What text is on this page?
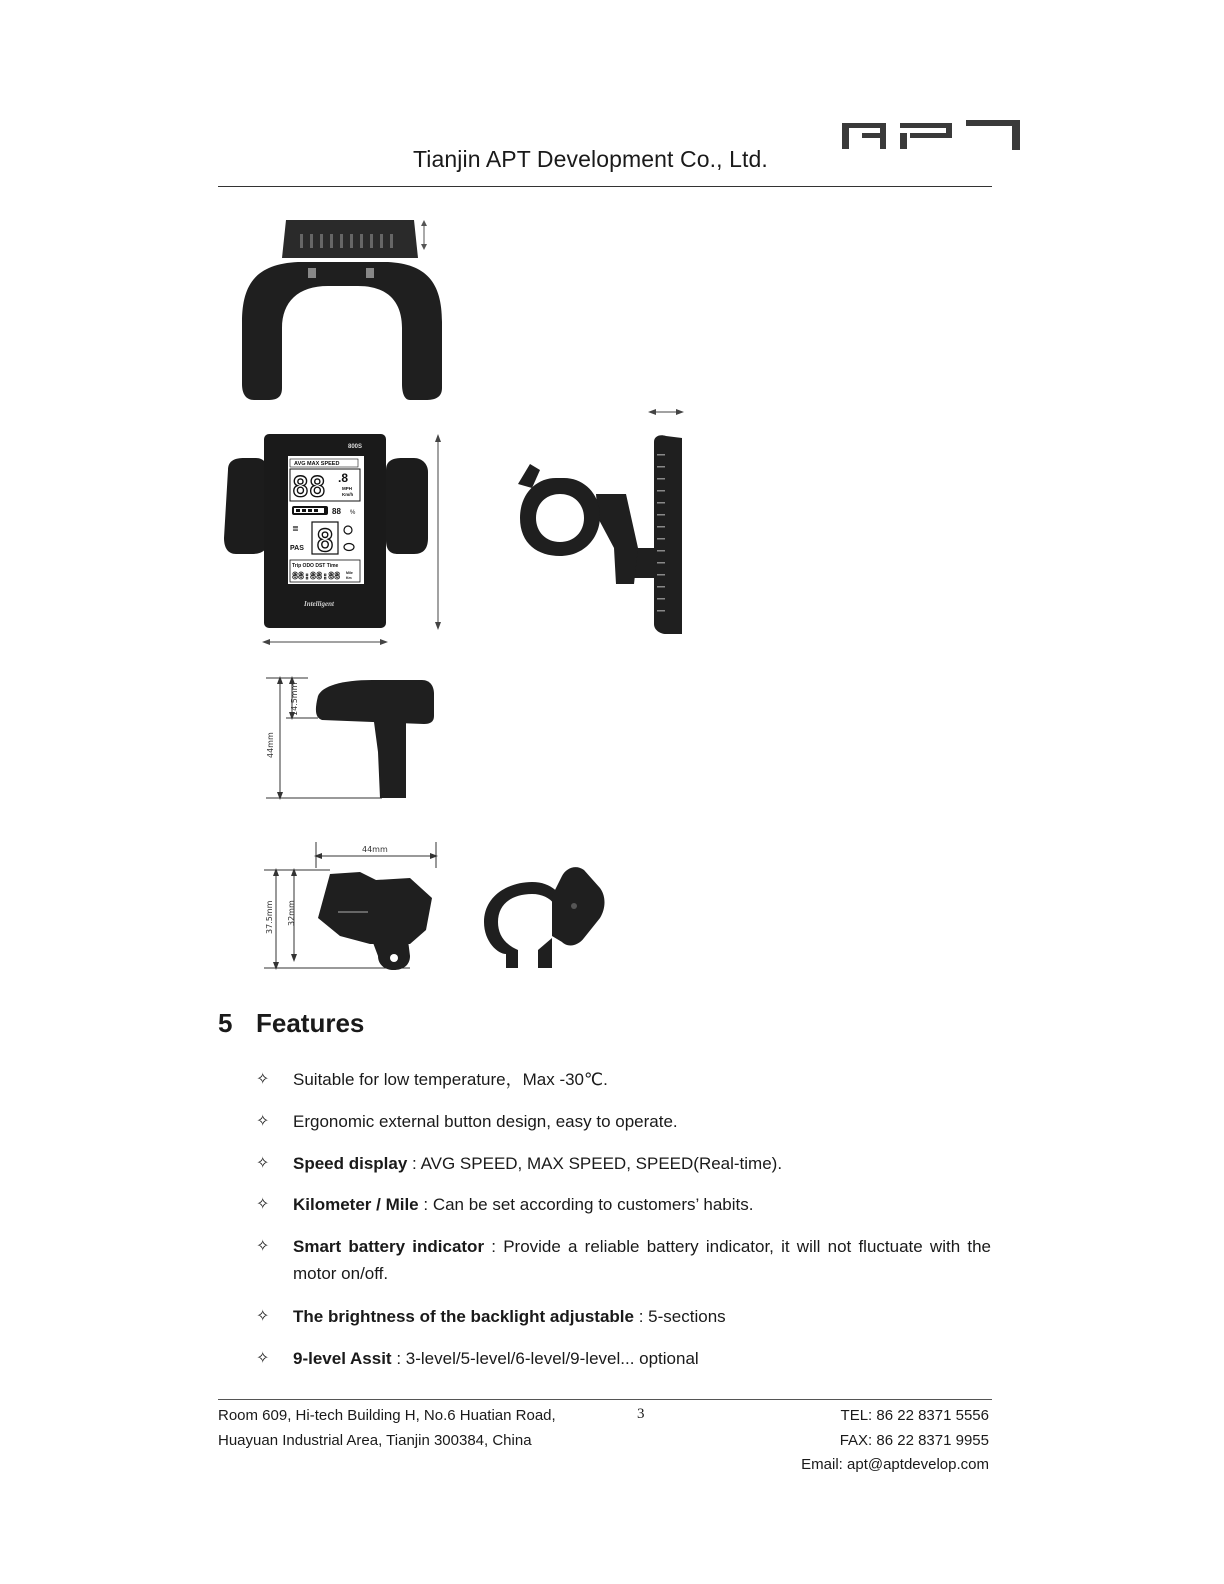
Tianjin APT Development Co., Ltd.
800S
AVG MAX SPEED
88 .8
MPH
Km/h
88 %
≣
PAS 8
Trip ODO DST Time
88:88:88 Mile
Km
Intelligent
44mm
14.5mm
44mm
37.5mm 32mm
5 Features
✧ Suitable for low temperature，Max -30℃.
✧ Ergonomic external button design, easy to operate.
✧ Speed display : AVG SPEED, MAX SPEED, SPEED(Real-time).
✧ Kilometer / Mile : Can be set according to customers’ habits.
✧ Smart battery indicator : Provide a reliable battery indicator, it will not fluctuate with the motor on/off.
✧ The brightness of the backlight adjustable : 5-sections
✧ 9-level Assit : 3-level/5-level/6-level/9-level... optional
Room 609, Hi-tech Building H, No.6 Huatian Road,
Huayuan Industrial Area, Tianjin 300384, China
3	TEL: 86 22 8371 5556
FAX: 86 22 8371 9955
Email: apt@aptdevelop.com
